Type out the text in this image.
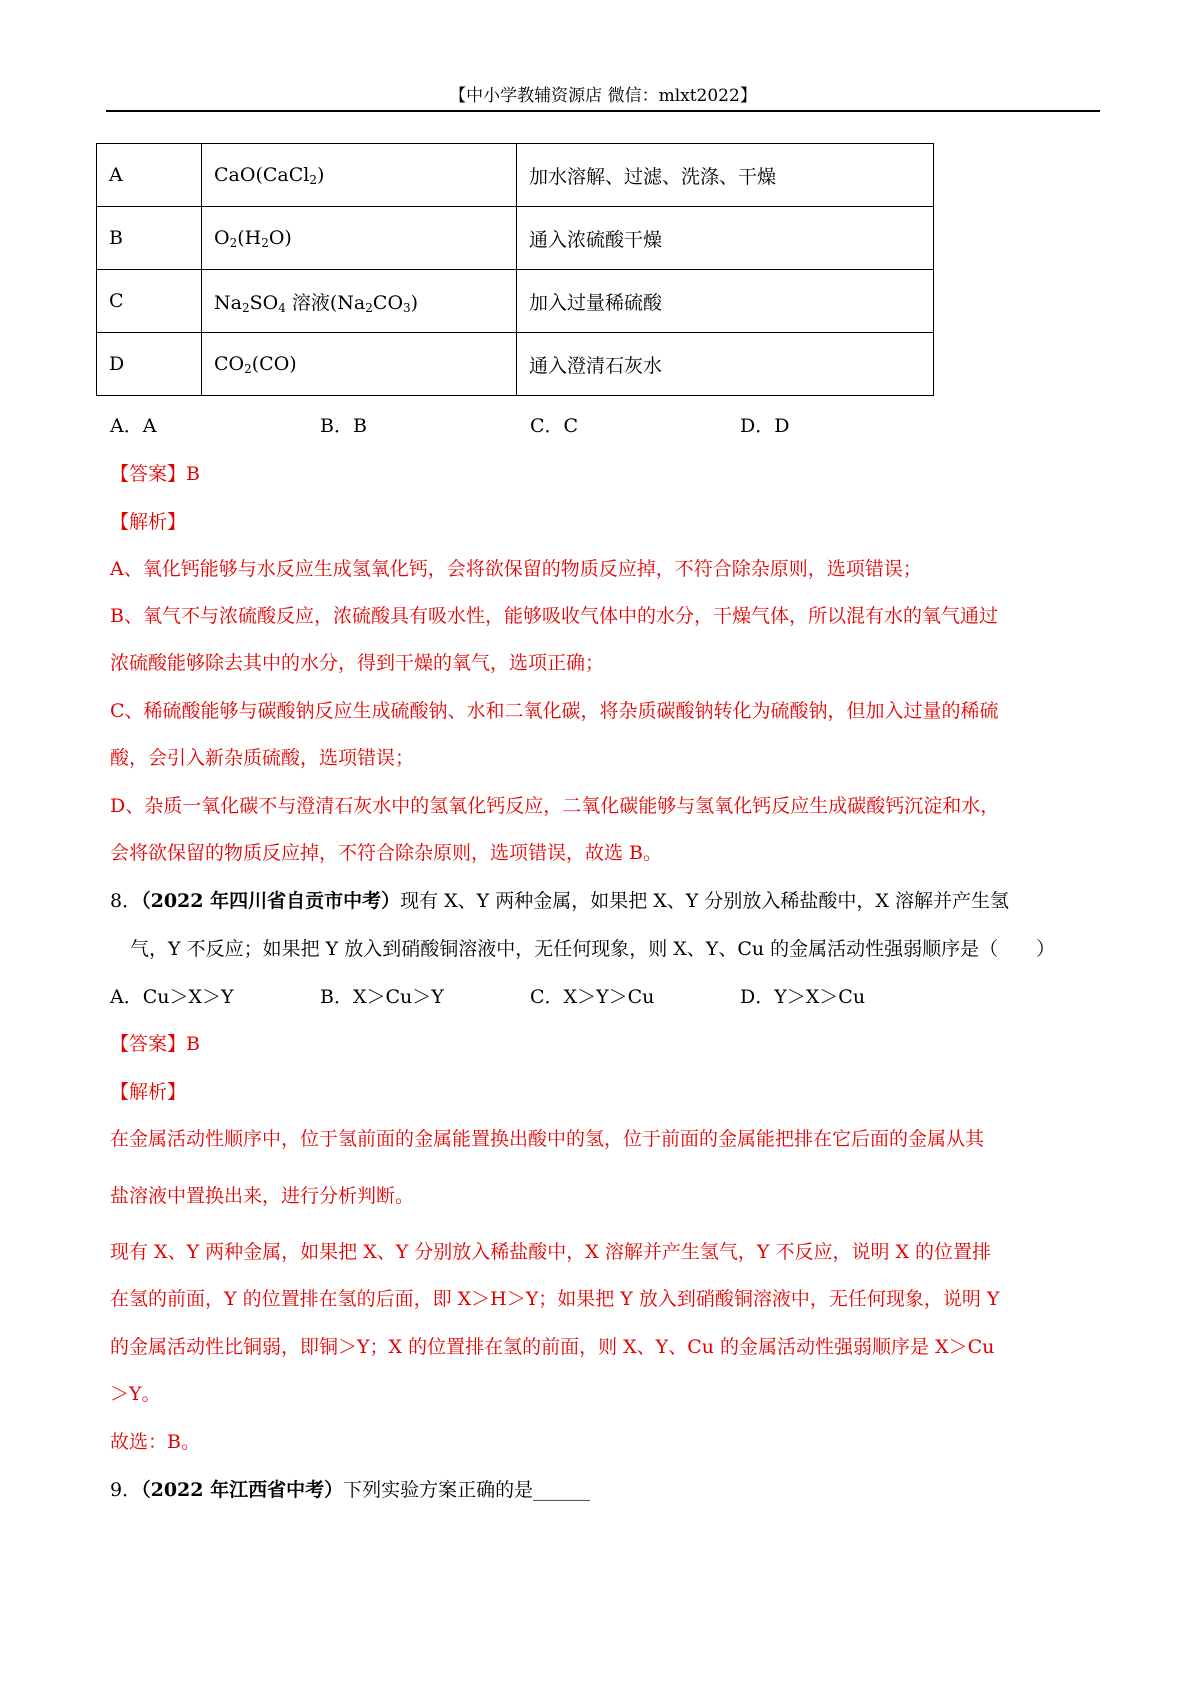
【中小学教辅资源店 微信：mlxt2022】
A	CaO(CaCl$_2$)	加水溶解、过滤、洗涤、干燥
B	$O_2(H_2O)$	通入浓硫酸干燥
C	$Na_2SO_4$ 溶液$(Na_2CO_3)$	加入过量稀硫酸
D	$CO_2(CO)$	通入澄清石灰水
A．A	B．B	C．C	D．D
【答案】B
【解析】
A、氧化钙能够与水反应生成氢氧化钙，会将欲保留的物质反应掉，不符合除杂原则，选项错误；
B、氧气不与浓硫酸反应，浓硫酸具有吸水性，能够吸收气体中的水分，干燥气体，所以混有水的氧气通过
浓硫酸能够除去其中的水分，得到干燥的氧气，选项正确；
C、稀硫酸能够与碳酸钠反应生成硫酸钠、水和二氧化碳，将杂质碳酸钠转化为硫酸钠，但加入过量的稀硫
酸，会引入新杂质硫酸，选项错误；
D、杂质一氧化碳不与澄清石灰水中的氢氧化钙反应，二氧化碳能够与氢氧化钙反应生成碳酸钙沉淀和水，
会将欲保留的物质反应掉，不符合除杂原则，选项错误，故选 B。
8．（2022 年四川省自贡市中考）现有 X、Y 两种金属，如果把 X、Y 分别放入稀盐酸中，X 溶解并产生氢
气，Y 不反应；如果把 Y 放入到硝酸铜溶液中，无任何现象，则 X、Y、Cu 的金属活动性强弱顺序是（　　）
A．Cu＞X＞Y	B．X＞Cu＞Y	C．X＞Y＞Cu	D．Y＞X＞Cu
【答案】B
【解析】
在金属活动性顺序中，位于氢前面的金属能置换出酸中的氢，位于前面的金属能把排在它后面的金属从其
盐溶液中置换出来，进行分析判断。
现有 X、Y 两种金属，如果把 X、Y 分别放入稀盐酸中，X 溶解并产生氢气，Y 不反应，说明 X 的位置排
在氢的前面，Y 的位置排在氢的后面，即 X＞H＞Y；如果把 Y 放入到硝酸铜溶液中，无任何现象，说明 Y
的金属活动性比铜弱，即铜＞Y；X 的位置排在氢的前面，则 X、Y、Cu 的金属活动性强弱顺序是 X＞Cu
＞Y。
故选：B。
9．（2022 年江西省中考）下列实验方案正确的是______
